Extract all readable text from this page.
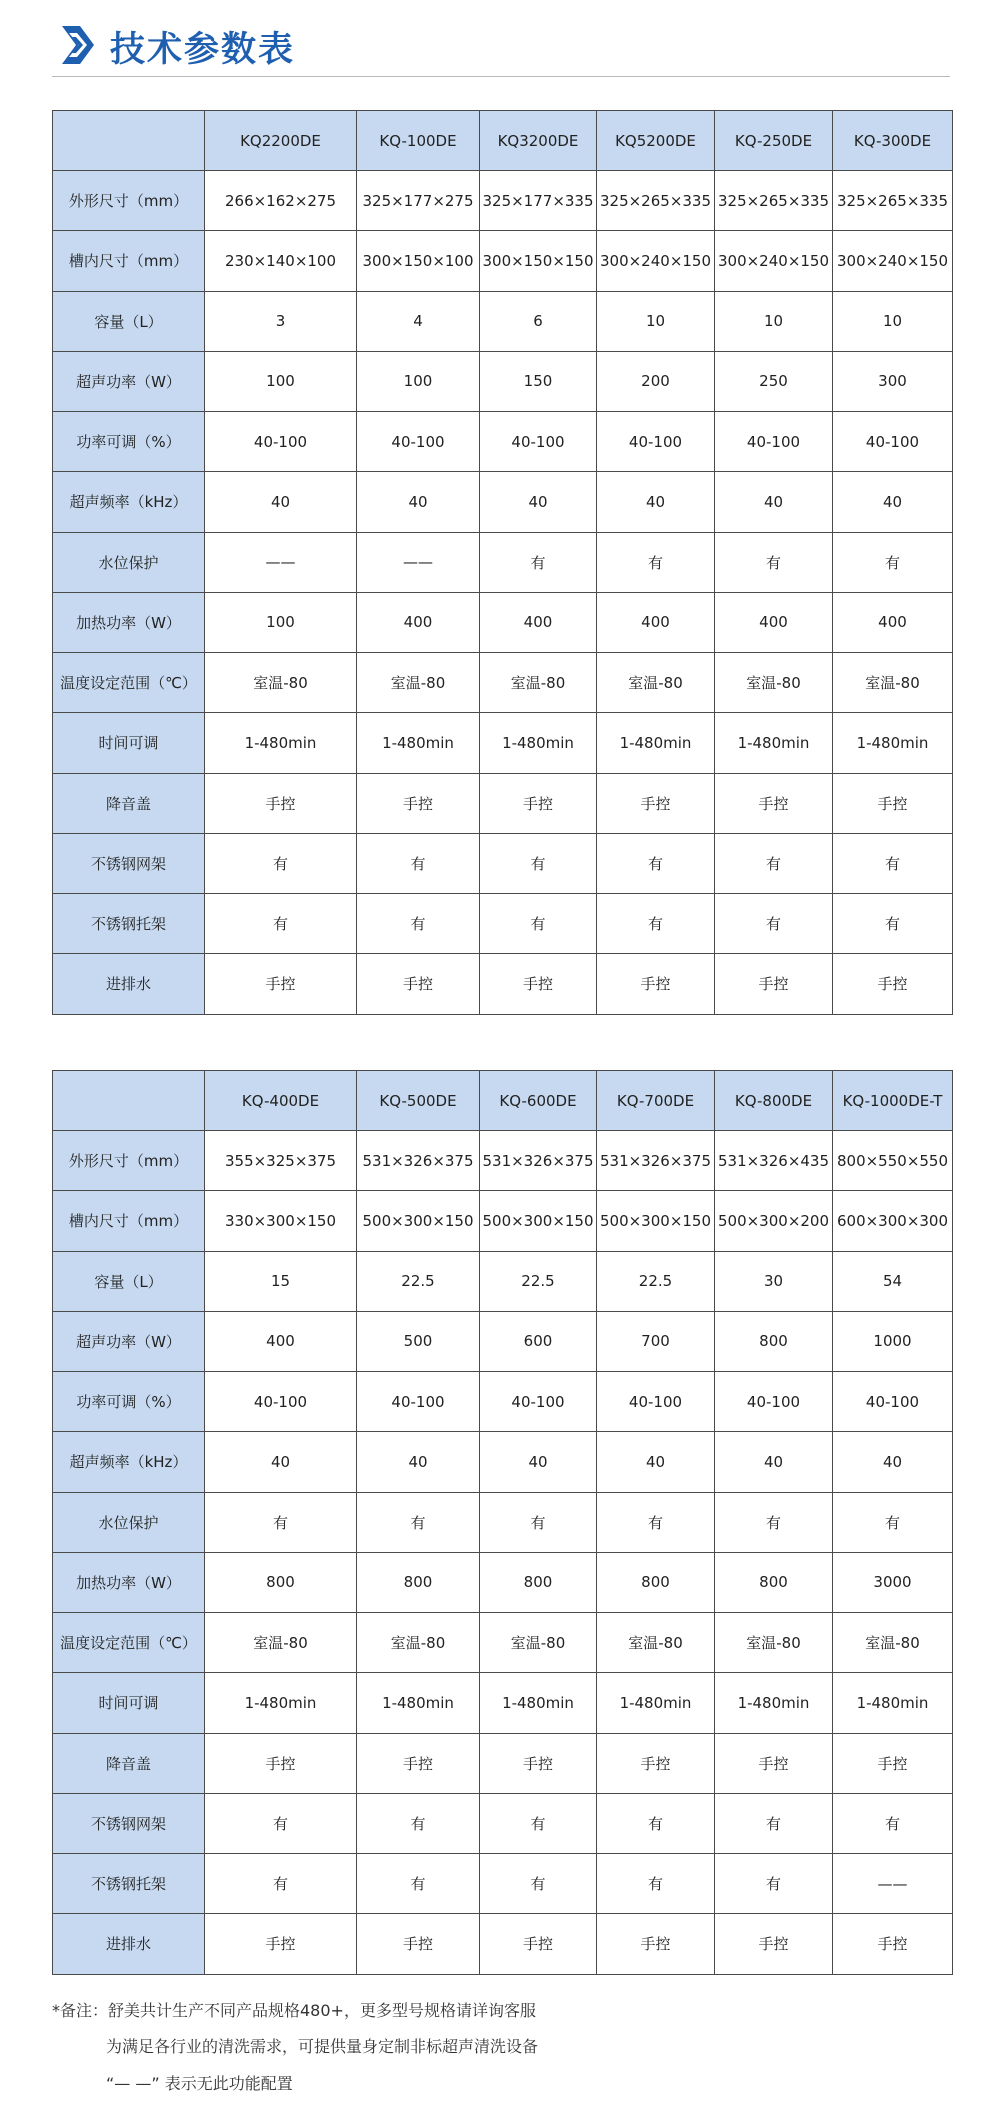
技术参数表
	KQ2200DE	KQ-100DE	KQ3200DE	KQ5200DE	KQ-250DE	KQ-300DE
外形尺寸（mm）	266×162×275	325×177×275	325×177×335	325×265×335	325×265×335	325×265×335
槽内尺寸（mm）	230×140×100	300×150×100	300×150×150	300×240×150	300×240×150	300×240×150
容量（L）	3	4	6	10	10	10
超声功率（W）	100	100	150	200	250	300
功率可调（%）	40-100	40-100	40-100	40-100	40-100	40-100
超声频率（kHz）	40	40	40	40	40	40
水位保护	——	——	有	有	有	有
加热功率（W）	100	400	400	400	400	400
温度设定范围（℃）	室温-80	室温-80	室温-80	室温-80	室温-80	室温-80
时间可调	1-480min	1-480min	1-480min	1-480min	1-480min	1-480min
降音盖	手控	手控	手控	手控	手控	手控
不锈钢网架	有	有	有	有	有	有
不锈钢托架	有	有	有	有	有	有
进排水	手控	手控	手控	手控	手控	手控
	KQ-400DE	KQ-500DE	KQ-600DE	KQ-700DE	KQ-800DE	KQ-1000DE-T
外形尺寸（mm）	355×325×375	531×326×375	531×326×375	531×326×375	531×326×435	800×550×550
槽内尺寸（mm）	330×300×150	500×300×150	500×300×150	500×300×150	500×300×200	600×300×300
容量（L）	15	22.5	22.5	22.5	30	54
超声功率（W）	400	500	600	700	800	1000
功率可调（%）	40-100	40-100	40-100	40-100	40-100	40-100
超声频率（kHz）	40	40	40	40	40	40
水位保护	有	有	有	有	有	有
加热功率（W）	800	800	800	800	800	3000
温度设定范围（℃）	室温-80	室温-80	室温-80	室温-80	室温-80	室温-80
时间可调	1-480min	1-480min	1-480min	1-480min	1-480min	1-480min
降音盖	手控	手控	手控	手控	手控	手控
不锈钢网架	有	有	有	有	有	有
不锈钢托架	有	有	有	有	有	——
进排水	手控	手控	手控	手控	手控	手控
*备注：舒美共计生产不同产品规格480+，更多型号规格请详询客服
为满足各行业的清洗需求，可提供量身定制非标超声清洗设备
“— —” 表示无此功能配置
